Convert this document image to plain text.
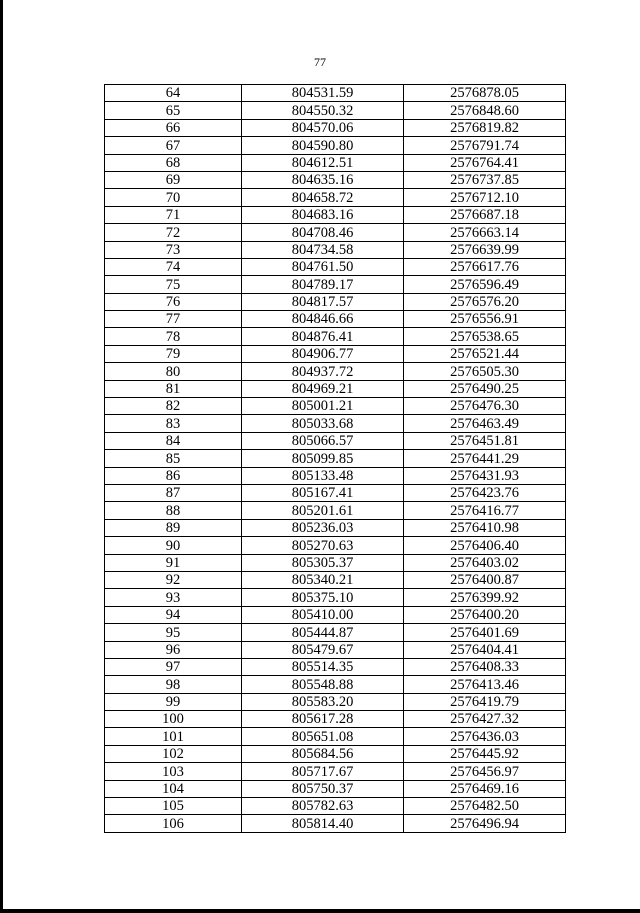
77
64	804531.59	2576878.05
65	804550.32	2576848.60
66	804570.06	2576819.82
67	804590.80	2576791.74
68	804612.51	2576764.41
69	804635.16	2576737.85
70	804658.72	2576712.10
71	804683.16	2576687.18
72	804708.46	2576663.14
73	804734.58	2576639.99
74	804761.50	2576617.76
75	804789.17	2576596.49
76	804817.57	2576576.20
77	804846.66	2576556.91
78	804876.41	2576538.65
79	804906.77	2576521.44
80	804937.72	2576505.30
81	804969.21	2576490.25
82	805001.21	2576476.30
83	805033.68	2576463.49
84	805066.57	2576451.81
85	805099.85	2576441.29
86	805133.48	2576431.93
87	805167.41	2576423.76
88	805201.61	2576416.77
89	805236.03	2576410.98
90	805270.63	2576406.40
91	805305.37	2576403.02
92	805340.21	2576400.87
93	805375.10	2576399.92
94	805410.00	2576400.20
95	805444.87	2576401.69
96	805479.67	2576404.41
97	805514.35	2576408.33
98	805548.88	2576413.46
99	805583.20	2576419.79
100	805617.28	2576427.32
101	805651.08	2576436.03
102	805684.56	2576445.92
103	805717.67	2576456.97
104	805750.37	2576469.16
105	805782.63	2576482.50
106	805814.40	2576496.94
